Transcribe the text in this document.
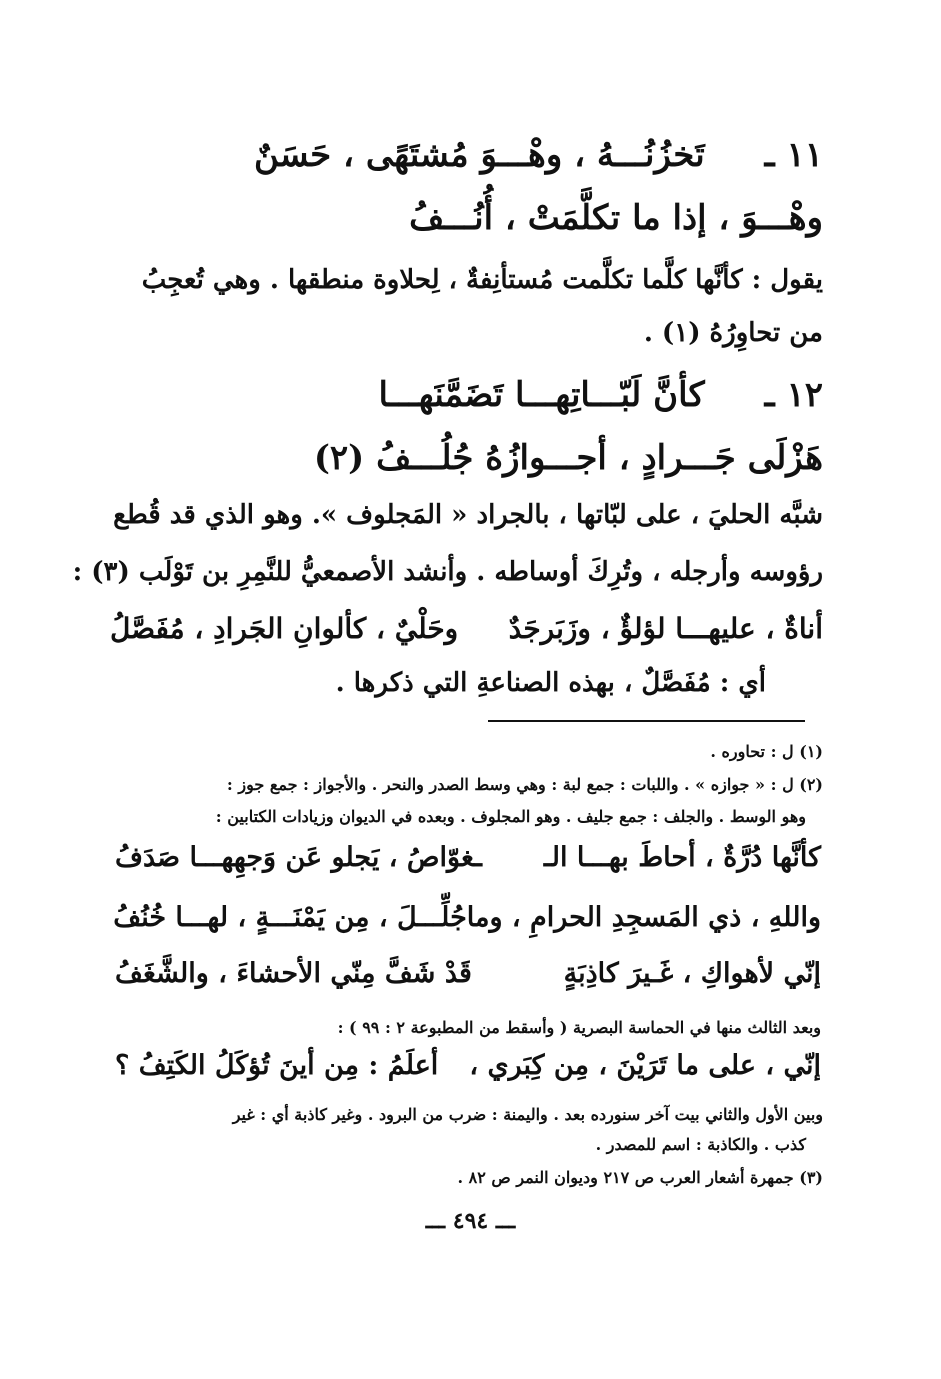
١١ ـ
تَخزُنُـــهُ ، وهْـــوَ مُشتَهًى ، حَسَنٌ
وهْـــوَ ، إذا ما تكلَّمَتْ ، أُنُـــفُ
يقول : كأنَّها كلَّما تكلَّمت مُستأنِفةٌ ، لِحلاوة منطقها . وهي تُعجِبُ
من تحاوِرُهُ (١) .
١٢ ـ
كأنَّ لَبّـــاتِهـــا تَضَمَّنَهـــا
هَزْلَى جَـــرادٍ ، أجـــوازُهُ جُلُـــفُ (٢)
شبَّه الحليَ ، على لبّاتها ، بالجراد « المَجلوف ». وهو الذي قد قُطع
رؤوسه وأرجله ، وتُرِكَ أوساطه . وأنشد الأصمعيُّ للنَّمِرِ بن تَوْلَب (٣) :
أناةٌ ، عليهـــا لؤلؤٌ ، وزَبَرجَدٌ
وحَلْيٌ ، كألوانِ الجَرادِ ، مُفَصَّلُ
أي : مُفَصَّلٌ ، بهذه الصناعةِ التي ذكرها .
(١) ل : تحاوره .
(٢) ل : « جوازه » . واللبات : جمع لبة : وهي وسط الصدر والنحر . والأجواز : جمع جوز :
وهو الوسط . والجلف : جمع جليف . وهو المجلوف . وبعده في الديوان وزيادات الكتابين :
كأنَّها دُرَّةٌ ، أحاطَ بهـــا الـ
ـغوّاصُ ، يَجلو عَن وَجهِهـــا صَدَفُ
واللهِ ، ذي المَسجِدِ الحرامِ ، وما
جُلِّـــلَ ، مِن يَمْنَـــةٍ ، لهـــا خُنُفُ
إنّي لأهواكِ ، غَـيرَ كاذِبَةٍ
قَدْ شَفَّ مِنّي الأحشاءَ ، والشَّغَفُ
وبعد الثالث منها في الحماسة البصرية ( وأسقط من المطبوعة ٢ : ٩٩ ) :
إنّي ، على ما تَرَيْنَ ، مِن كِبَري ،
أعلَمُ : مِن أينَ تُؤكَلُ الكَتِفُ ؟
وبين الأول والثاني بيت آخر سنورده بعد . واليمنة : ضرب من البرود . وغير كاذبة أي : غير
كذب . والكاذبة : اسم للمصدر .
(٣) جمهرة أشعار العرب ص ٢١٧ وديوان النمر ص ٨٢ .
ـــ ٤٩٤ ـــ
